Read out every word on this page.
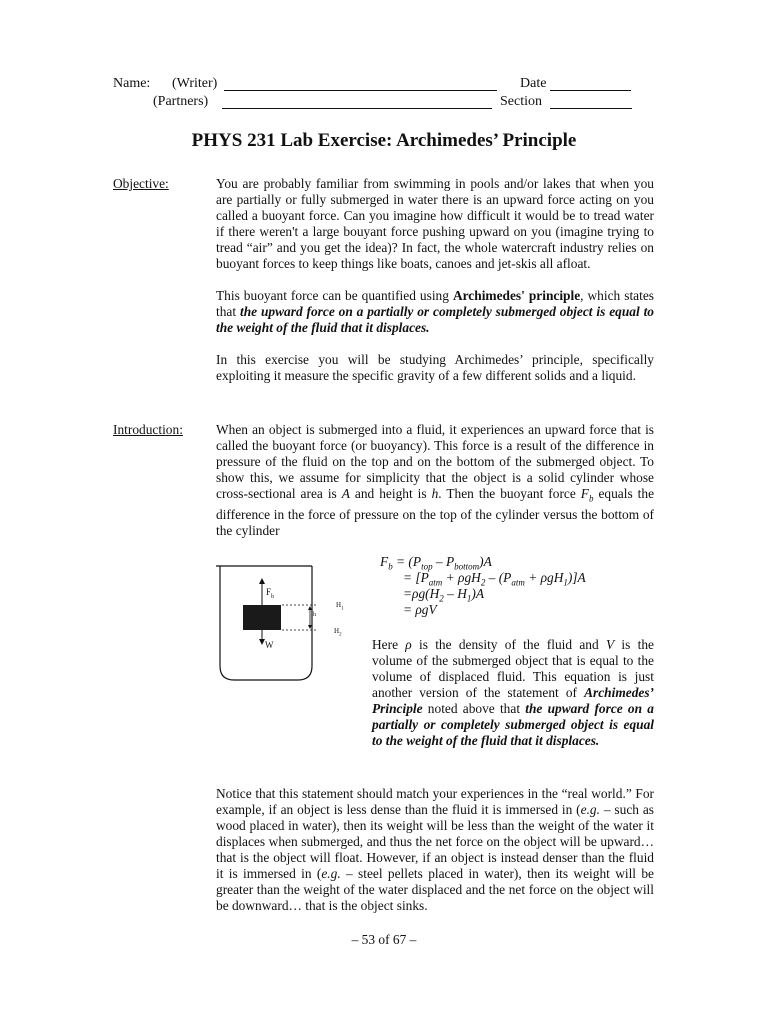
Name: (Writer)	Date
(Partners)	Section
PHYS 231 Lab Exercise: Archimedes’ Principle
Objective:	You are probably familiar from swimming in pools and/or lakes that when you are partially or fully submerged in water there is an upward force acting on you called a buoyant force. Can you imagine how difficult it would be to tread water if there weren't a large bouyant force pushing upward on you (imagine trying to tread “air” and you get the idea)? In fact, the whole watercraft industry relies on buoyant forces to keep things like boats, canoes and jet-skis all afloat.

This buoyant force can be quantified using Archimedes' principle, which states that the upward force on a partially or completely submerged object is equal to the weight of the fluid that it displaces.

In this exercise you will be studying Archimedes’ principle, specifically exploiting it measure the specific gravity of a few different solids and a liquid.

Introduction: When an object is submerged into a fluid, it experiences an upward force that is called the buoyant force (or buoyancy). This force is a result of the difference in pressure of the fluid on the top and on the bottom of the submerged object. To show this, we assume for simplicity that the object is a solid cylinder whose cross-sectional area is A and height is h. Then the buoyant force $F_b$ equals the difference in the force of pressure on the top of the cylinder versus the bottom of the cylinder

$F_b$
W
$H_1$
h
$H_2$
$F_b = (P_{top} - P_{bottom})A$
= $[P_{atm} + \rho gH_2 - (P_{atm} + \rho gH_1)]A$
$=\rho g(H_2 - H_1)A$
= ρgV

Here ρ is the density of the fluid and V is the volume of the submerged object that is equal to the volume of displaced fluid. This equation is just another version of the statement of Archimedes’ Principle noted above that the upward force on a partially or completely submerged object is equal to the weight of the fluid that it displaces.

Notice that this statement should match your experiences in the “real world.” For example, if an object is less dense than the fluid it is immersed in (e.g. – such as wood placed in water), then its weight will be less than the weight of the water it displaces when submerged, and thus the net force on the object will be upward… that is the object will float. However, if an object is instead denser than the fluid it is immersed in (e.g. – steel pellets placed in water), then its weight will be greater than the weight of the water displaced and the net force on the object will be downward… that is the object sinks.

– 53 of 67 –
